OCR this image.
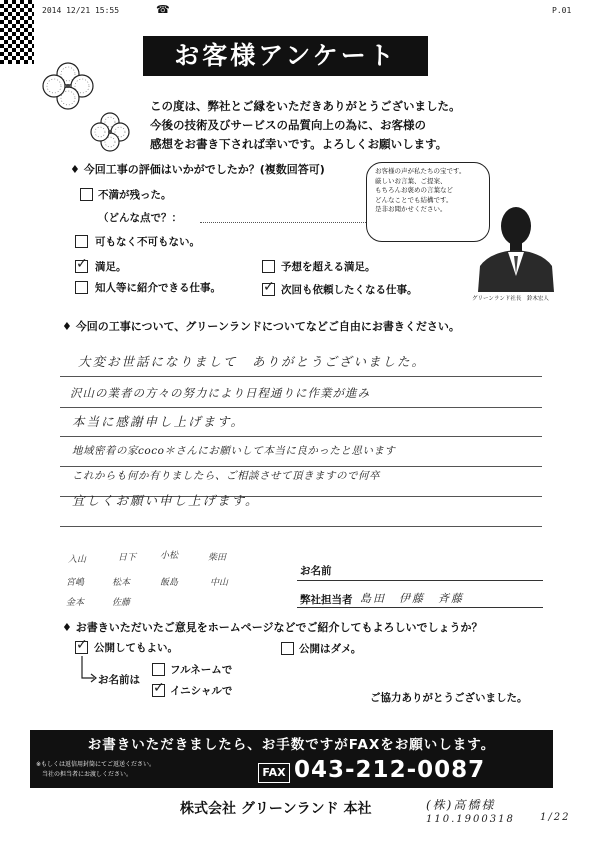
2014 12/21 15:55	☎	P.01
お客様アンケート
この度は、弊社とご縁をいただきありがとうございました。
今後の技術及びサービスの品質向上の為に、お客様の
感想をお書き下されば幸いです。よろしくお願いします。
♦ 今回工事の評価はいかがでしたか？(複数回答可)
不満が残った。
（どんな点で？：
可もなく不可もない。
✓ 満足。	予想を超える満足。
知人等に紹介できる仕事。	✓ 次回も依頼したくなる仕事。
お客様の声が私たちの宝です。
厳しいお言葉、ご提案、
もちろんお褒めの言葉など
どんなことでも結構です。
是非お聞かせください。
グリーンランド社長　鈴木宏人
♦ 今回の工事について、グリーンランドについてなどご自由にお書きください。
大変お世話になりまして　ありがとうございました。
沢山の業者の方々の努力により日程通りに作業が進み
本当に感謝申し上げます。
地域密着の家coco＊さんにお願いして本当に良かったと思います
これからも何か有りましたら、ご相談させて頂きますので何卒
宜しくお願い申し上げます。
入山	日下	小松	柴田
宮嶋	松本	飯島	中山
金本	佐藤
お名前
弊社担当者 島田　伊藤　斉藤
♦ お書きいただいたご意見をホームページなどでご紹介してもよろしいでしょうか？
✓ 公開してもよい。	公開はダメ。
お名前は
フルネームで
✓ イニシャルで
ご協力ありがとうございました。
お書きいただきましたら、お手数ですがFAXをお願いします。
※もしくは返信用封筒にてご返送ください。
　当社の担当者にお渡しください。	FAX 043-212-0087
株式会社 グリーンランド 本社	(株)高橋様
110.1900318	1/22
